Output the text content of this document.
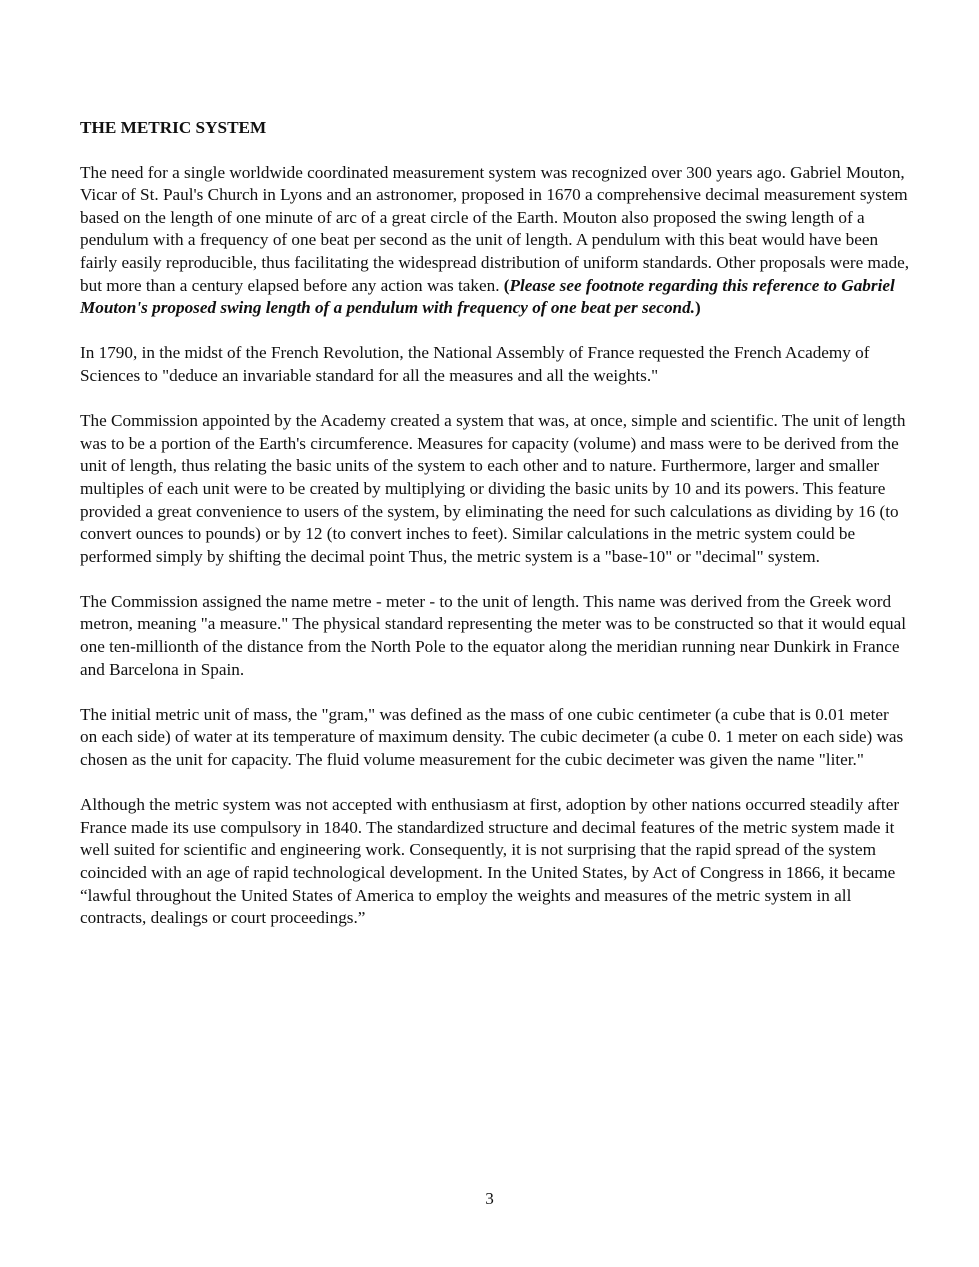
THE METRIC SYSTEM
The need for a single worldwide coordinated measurement system was recognized over 300 years ago. Gabriel Mouton, Vicar of St. Paul's Church in Lyons and an astronomer, proposed in 1670 a comprehensive decimal measurement system based on the length of one minute of arc of a great circle of the Earth. Mouton also proposed the swing length of a pendulum with a frequency of one beat per second as the unit of length. A pendulum with this beat would have been fairly easily reproducible, thus facilitating the widespread distribution of uniform standards. Other proposals were made, but more than a century elapsed before any action was taken. (Please see footnote regarding this reference to Gabriel Mouton's proposed swing length of a pendulum with frequency of one beat per second.)
In 1790, in the midst of the French Revolution, the National Assembly of France requested the French Academy of Sciences to "deduce an invariable standard for all the measures and all the weights."
The Commission appointed by the Academy created a system that was, at once, simple and scientific. The unit of length was to be a portion of the Earth's circumference. Measures for capacity (volume) and mass were to be derived from the unit of length, thus relating the basic units of the system to each other and to nature. Furthermore, larger and smaller multiples of each unit were to be created by multiplying or dividing the basic units by 10 and its powers. This feature provided a great convenience to users of the system, by eliminating the need for such calculations as dividing by 16 (to convert ounces to pounds) or by 12 (to convert inches to feet). Similar calculations in the metric system could be performed simply by shifting the decimal point Thus, the metric system is a "base-10" or "decimal" system.
The Commission assigned the name metre - meter - to the unit of length. This name was derived from the Greek word metron, meaning "a measure." The physical standard representing the meter was to be constructed so that it would equal one ten-millionth of the distance from the North Pole to the equator along the meridian running near Dunkirk in France and Barcelona in Spain.
The initial metric unit of mass, the "gram," was defined as the mass of one cubic centimeter (a cube that is 0.01 meter on each side) of water at its temperature of maximum density. The cubic decimeter (a cube 0. 1 meter on each side) was chosen as the unit for capacity. The fluid volume measurement for the cubic decimeter was given the name "liter."
Although the metric system was not accepted with enthusiasm at first, adoption by other nations occurred steadily after France made its use compulsory in 1840. The standardized structure and decimal features of the metric system made it well suited for scientific and engineering work. Consequently, it is not surprising that the rapid spread of the system coincided with an age of rapid technological development. In the United States, by Act of Congress in 1866, it became “lawful throughout the United States of America to employ the weights and measures of the metric system in all contracts, dealings or court proceedings.”
3
